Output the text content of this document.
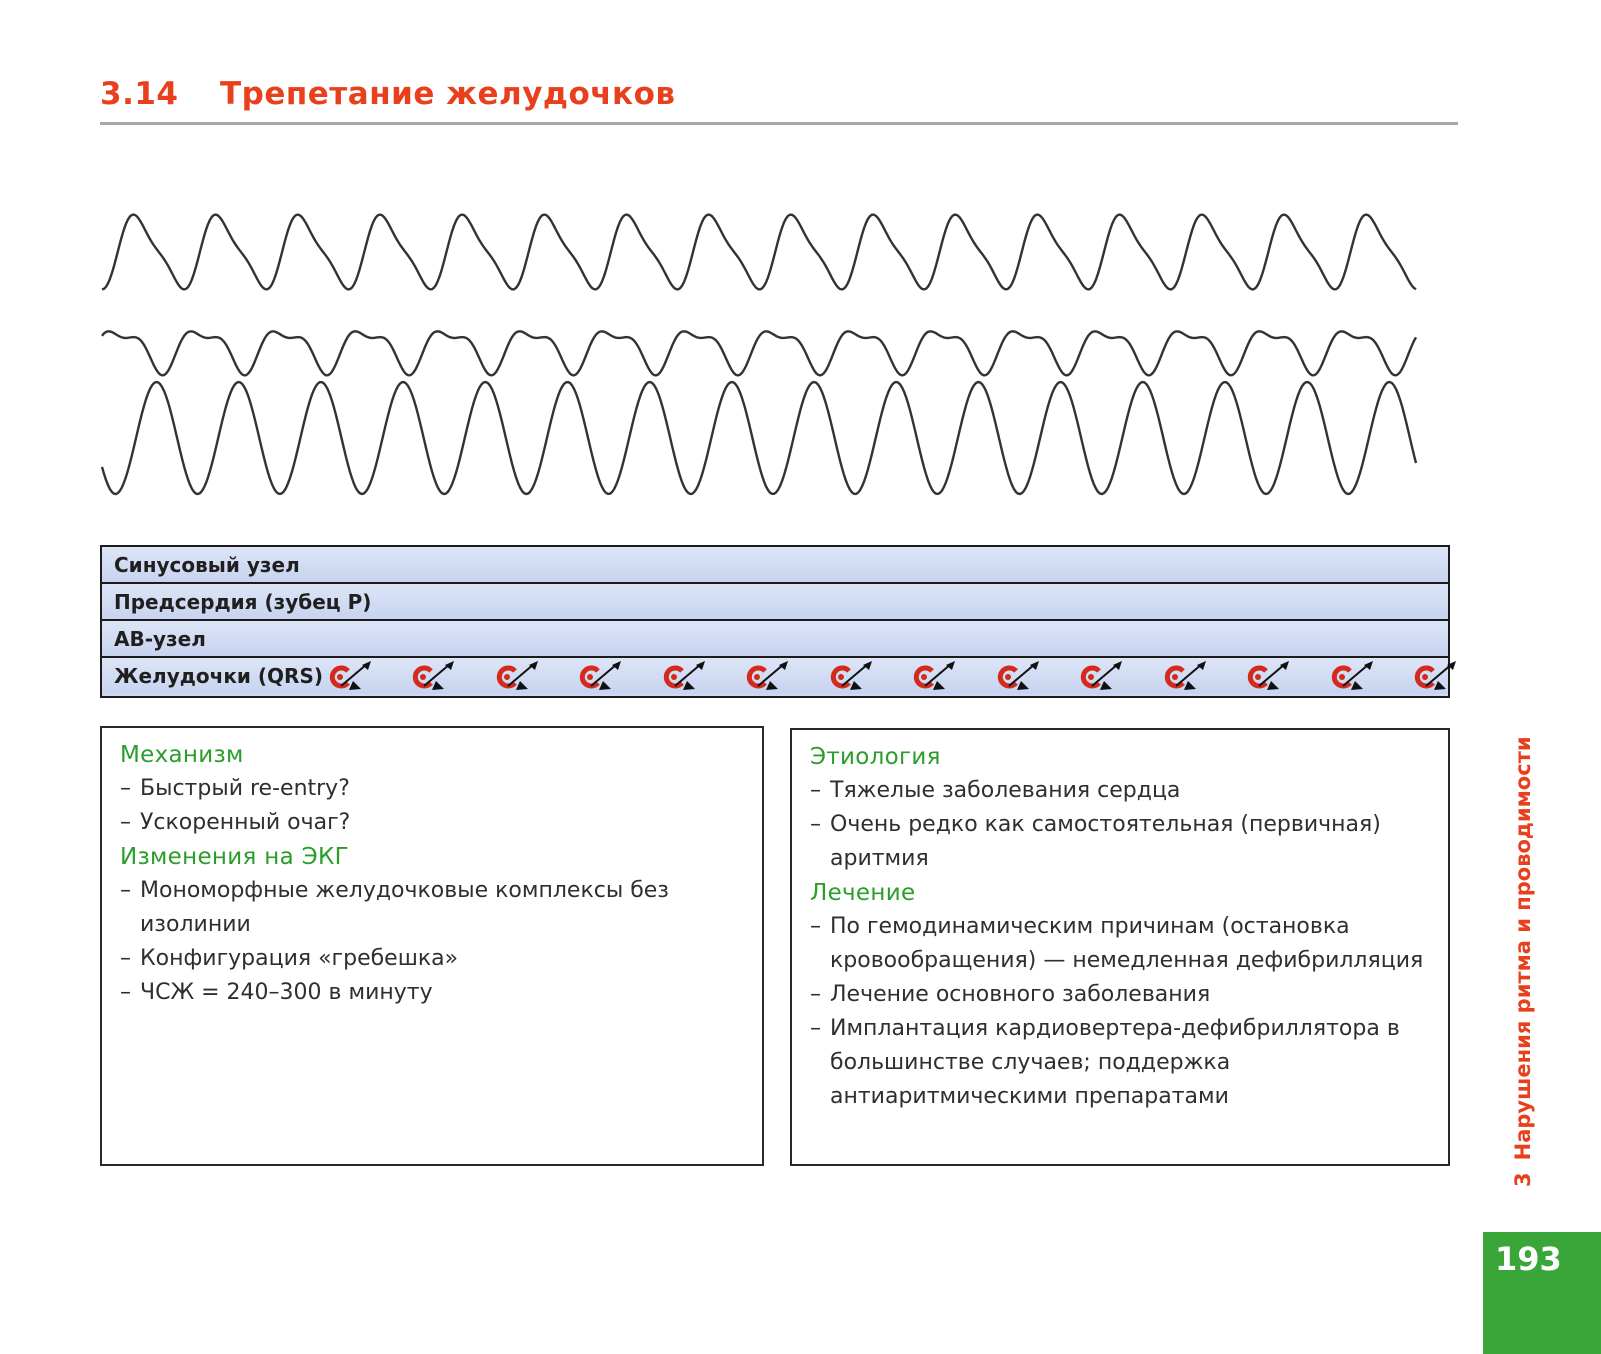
3.14 Трепетание желудочков
Синусовый узел
Предсердия (зубец P)
АВ-узел
Желудочки (QRS)
Механизм
– Быстрый re-entry?
– Ускоренный очаг?
Изменения на ЭКГ
– Мономорфные желудочковые комплексы без изолинии
– Конфигурация «гребешка»
– ЧСЖ = 240–300 в минуту
Этиология
– Тяжелые заболевания сердца
– Очень редко как самостоятельная (первичная) аритмия
Лечение
– По гемодинамическим причинам (остановка кровообращения) — немедленная дефибрилляция
– Лечение основного заболевания
– Имплантация кардиовертера-дефибриллятора в большинстве случаев; поддержка антиаритмическими препаратами
3Нарушения ритма и проводимости
193
